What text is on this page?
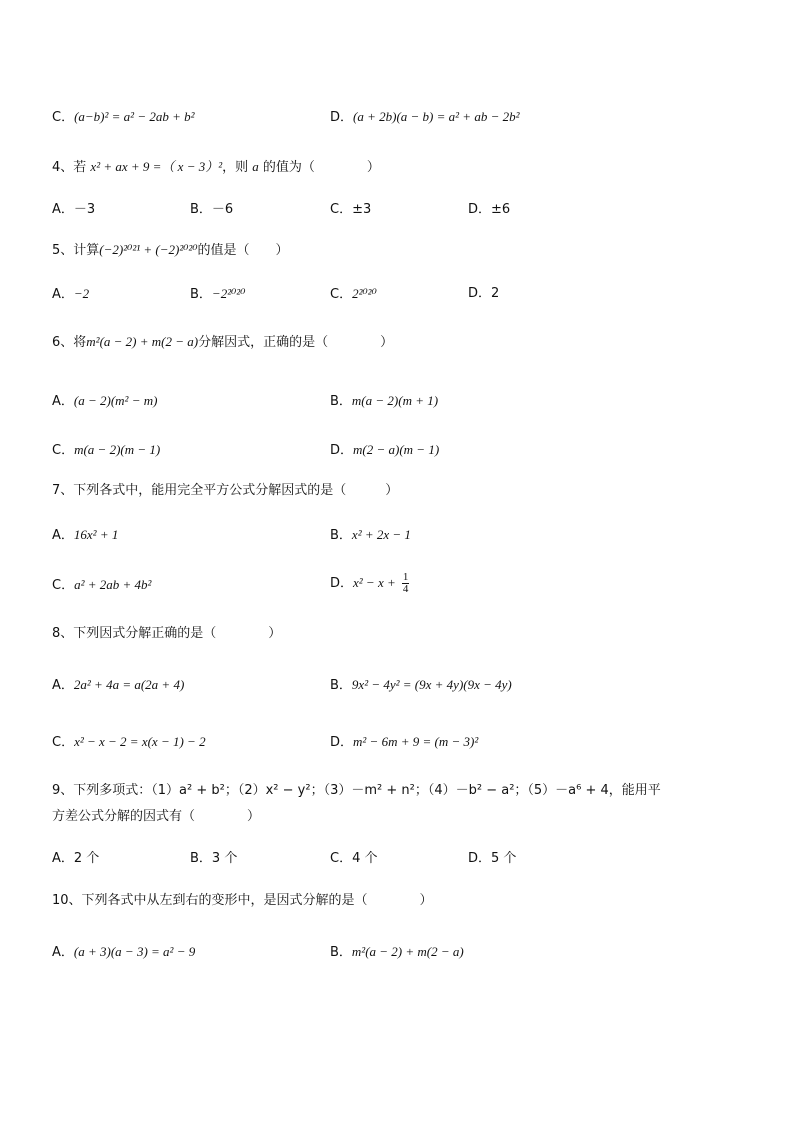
C．(a−b)² = a² − 2ab + b²	D．(a + 2b)(a − b) = a² + ab − 2b²
4、若 x² + ax + 9 =（ x − 3）²，则 a 的值为（　　　　）
A．－3	B．－6	C．±3	D．±6
5、计算(−2)²⁰²¹ + (−2)²⁰²⁰的值是（　　）
A．−2	B．−2²⁰²⁰	C．2²⁰²⁰	D．2
6、将m²(a − 2) + m(2 − a)分解因式，正确的是（　　　　）
A．(a − 2)(m² − m)	B．m(a − 2)(m + 1)
C．m(a − 2)(m − 1)	D．m(2 − a)(m − 1)
7、下列各式中，能用完全平方公式分解因式的是（　　　）
A．16x² + 1	B．x² + 2x − 1
C．a² + 2ab + 4b²	D．$x^2 - x + \frac{1}{4}$
8、下列因式分解正确的是（　　　　）
A．2a² + 4a = a(2a + 4)	B．9x² − 4y² = (9x + 4y)(9x − 4y)
C．x² − x − 2 = x(x − 1) − 2	D．m² − 6m + 9 = (m − 3)²
9、下列多项式：（1）a² + b²；（2）x² − y²；（3）－m² + n²；（4）－b² − a²；（5）－a⁶ + 4，能用平
方差公式分解的因式有（　　　　）
A．2 个	B．3 个	C．4 个	D．5 个
10、下列各式中从左到右的变形中，是因式分解的是（　　　　）
A．(a + 3)(a − 3) = a² − 9	B．m²(a − 2) + m(2 − a)
